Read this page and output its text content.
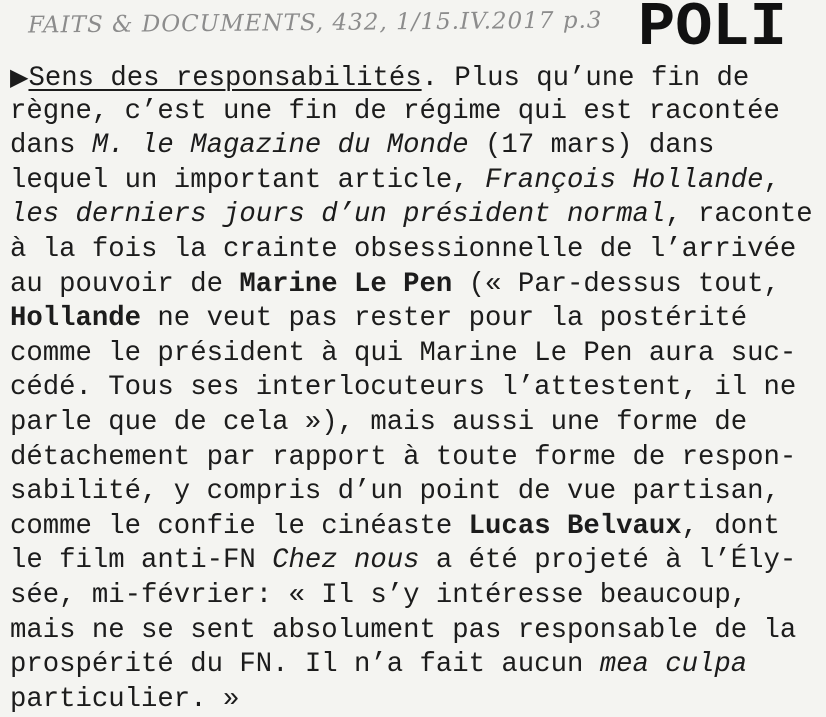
FAITS & DOCUMENTS, 432, 1/15.IV.2017 p.3 POLI
▶Sens des responsabilités. Plus qu’une fin de
règne, c’est une fin de régime qui est racontée
dans M. le Magazine du Monde (17 mars) dans
lequel un important article, François Hollande,
les derniers jours d’un président normal, raconte
à la fois la crainte obsessionnelle de l’arrivée
au pouvoir de Marine Le Pen (« Par-dessus tout,
Hollande ne veut pas rester pour la postérité
comme le président à qui Marine Le Pen aura suc-
cédé. Tous ses interlocuteurs l’attestent, il ne
parle que de cela »), mais aussi une forme de
détachement par rapport à toute forme de respon-
sabilité, y compris d’un point de vue partisan,
comme le confie le cinéaste Lucas Belvaux, dont
le film anti-FN Chez nous a été projeté à l’Ély-
sée, mi-février: « Il s’y intéresse beaucoup,
mais ne se sent absolument pas responsable de la
prospérité du FN. Il n’a fait aucun mea culpa
particulier. »
